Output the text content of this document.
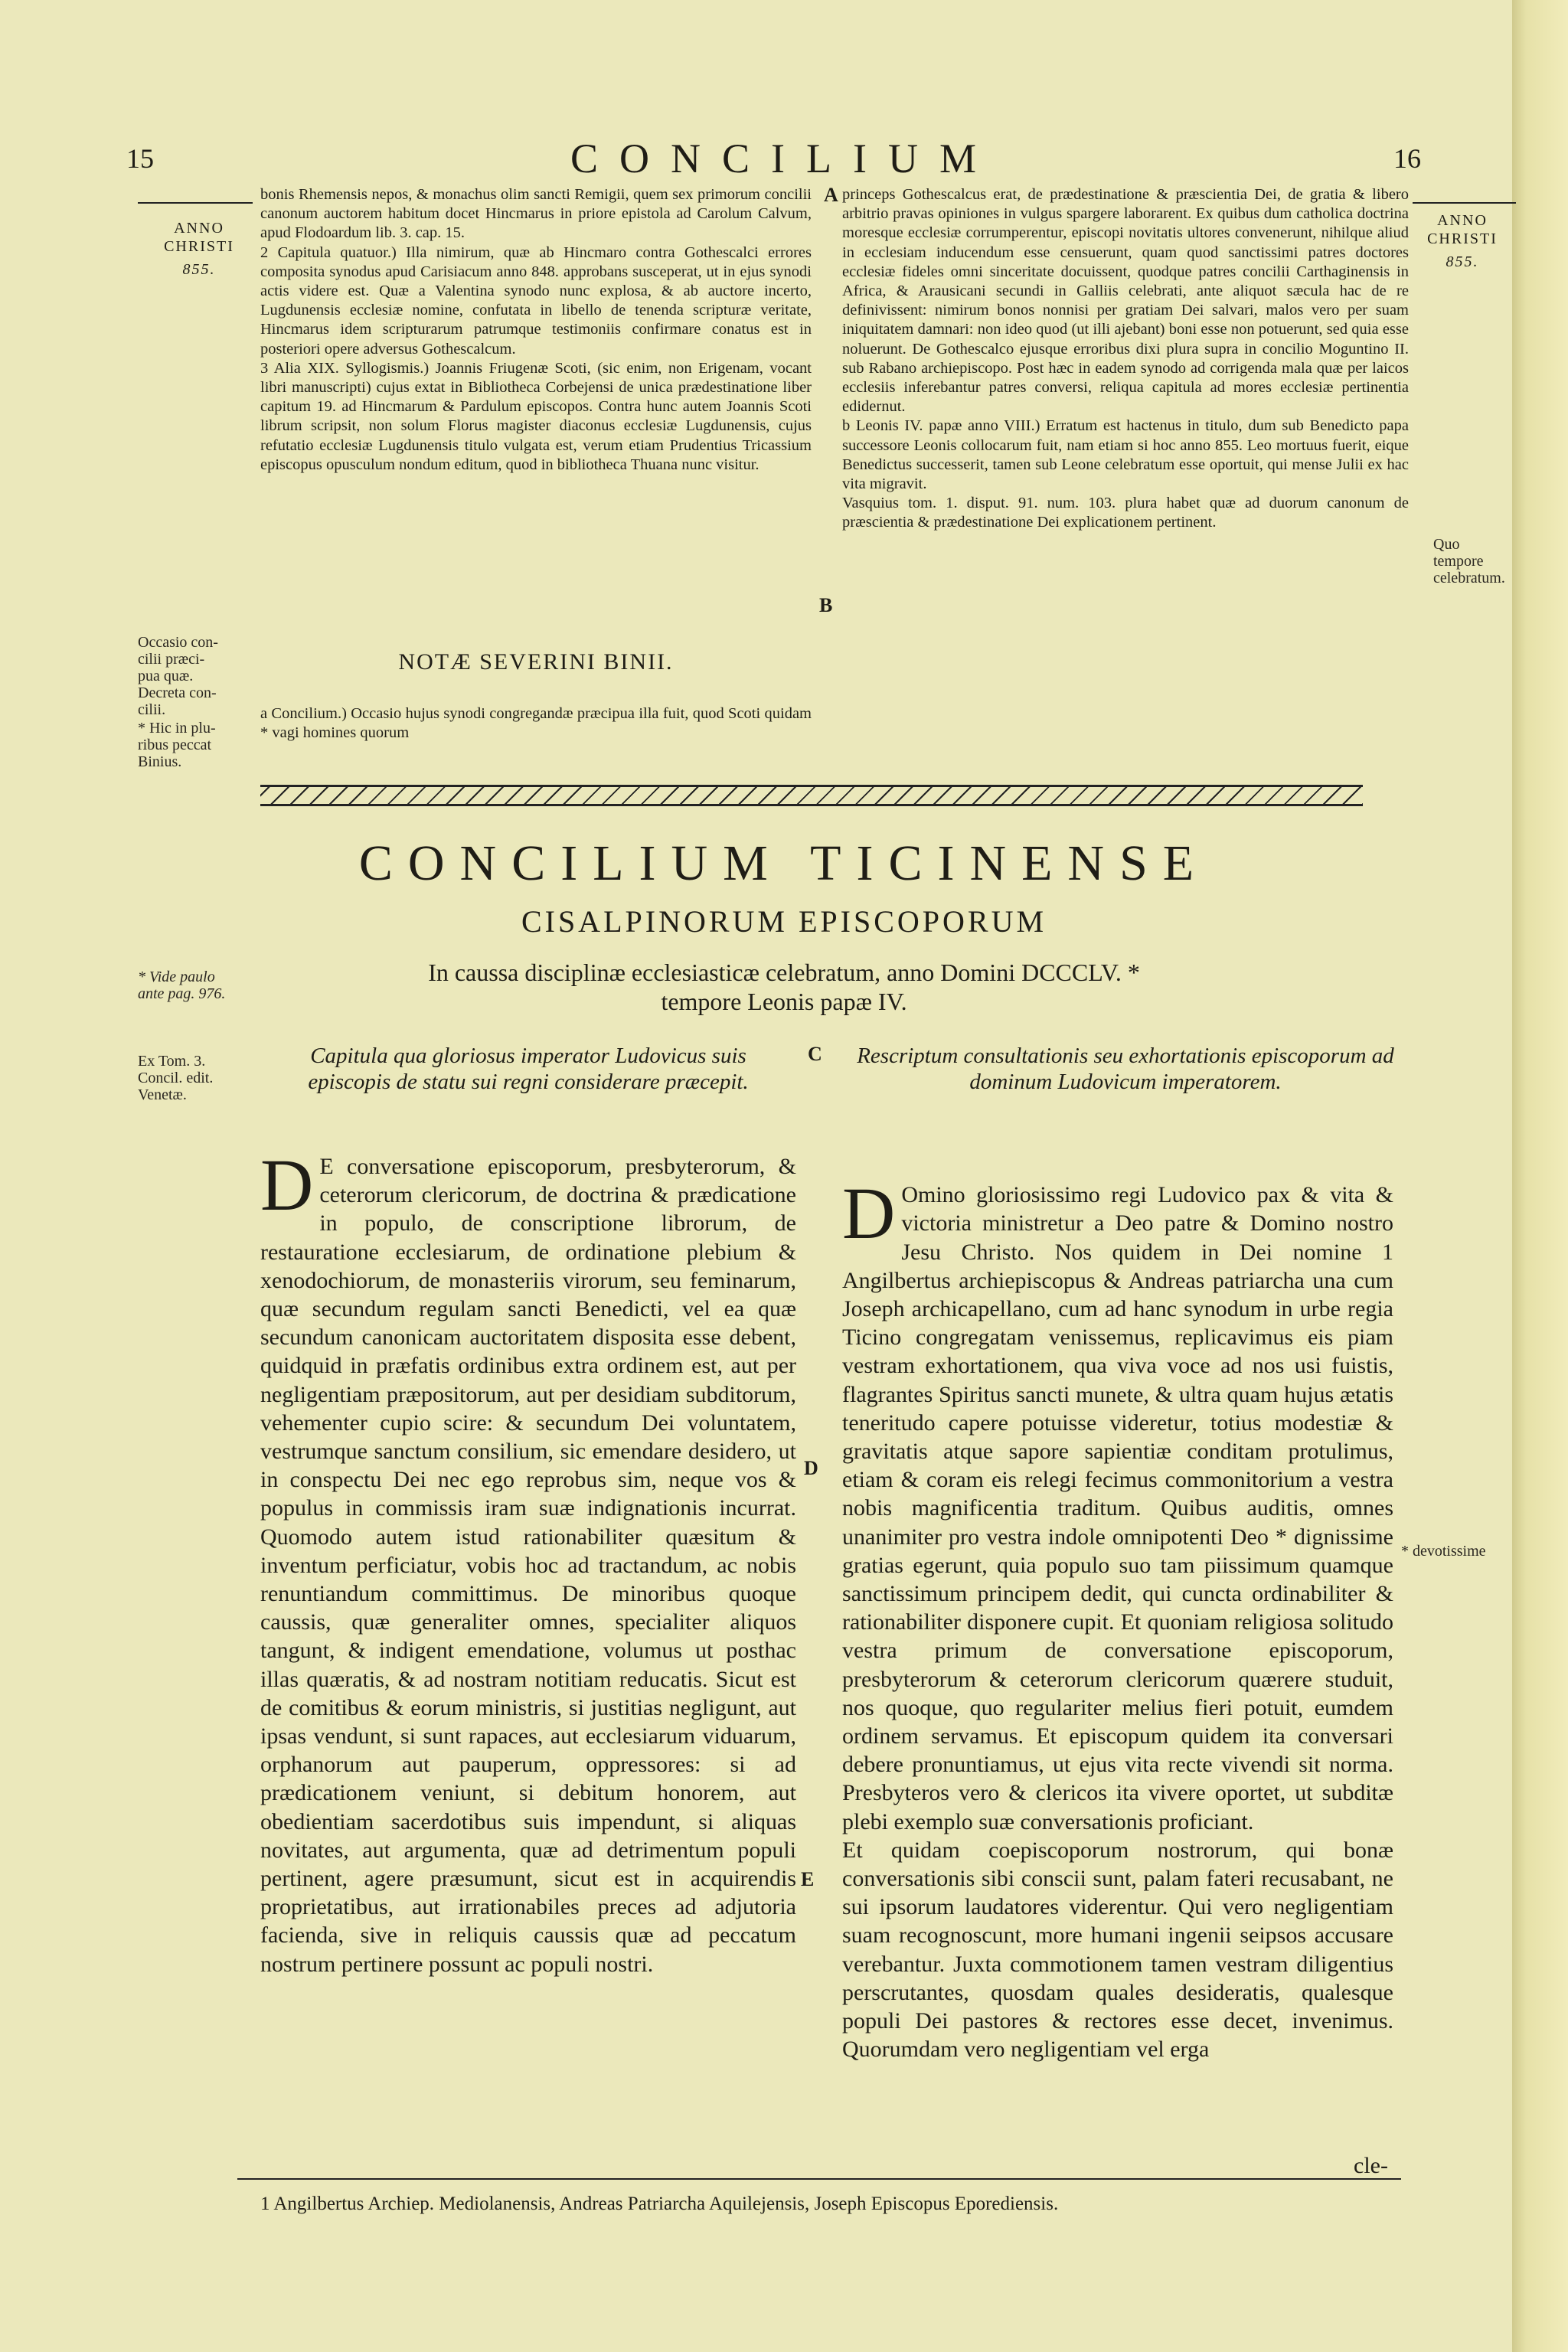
15	16
CONCILIUM
ANNO
CHRISTI
855.
Occasio con- cilii præci- pua quæ. Decreta con- cilii.
* Hic in plu- ribus peccat Binius.
* Vide paulo ante pag. 976.
Ex Tom. 3. Concil. edit. Venetæ.
ANNO
CHRISTI
855.
Quo tempore celebratum.
* devotissime
A
B
C
D
E
bonis Rhemensis nepos, & monachus olim sancti Remigii, quem sex primorum concilii canonum auctorem habitum docet Hincmarus in priore epistola ad Carolum Calvum, apud Flodoardum lib. 3. cap. 15.
2 Capitula quatuor.) Illa nimirum, quæ ab Hincmaro contra Gothescalci errores composita synodus apud Carisiacum anno 848. approbans susceperat, ut in ejus synodi actis videre est. Quæ a Valentina synodo nunc explosa, & ab auctore incerto, Lugdunensis ecclesiæ nomine, confutata in libello de tenenda scripturæ veritate, Hincmarus idem scripturarum patrumque testimoniis confirmare conatus est in posteriori opere adversus Gothescalcum.
3 Alia XIX. Syllogismis.) Joannis Friugenæ Scoti, (sic enim, non Erigenam, vocant libri manuscripti) cujus extat in Bibliotheca Corbejensi de unica prædestinatione liber capitum 19. ad Hincmarum & Pardulum episcopos. Contra hunc autem Joannis Scoti librum scripsit, non solum Florus magister diaconus ecclesiæ Lugdunensis, cujus refutatio ecclesiæ Lugdunensis titulo vulgata est, verum etiam Prudentius Tricassium episcopus opusculum nondum editum, quod in bibliotheca Thuana nunc visitur.
NOTÆ SEVERINI BINII.
a Concilium.) Occasio hujus synodi congregandæ præcipua illa fuit, quod Scoti quidam * vagi homines quorum
princeps Gothescalcus erat, de prædestinatione & præscientia Dei, de gratia & libero arbitrio pravas opiniones in vulgus spargere laborarent. Ex quibus dum catholica doctrina moresque ecclesiæ corrumperentur, episcopi novitatis ultores convenerunt, nihilque aliud in ecclesiam inducendum esse censuerunt, quam quod sanctissimi patres doctores ecclesiæ fideles omni sinceritate docuissent, quodque patres concilii Carthaginensis in Africa, & Arausicani secundi in Galliis celebrati, ante aliquot sæcula hac de re definivissent: nimirum bonos nonnisi per gratiam Dei salvari, malos vero per suam iniquitatem damnari: non ideo quod (ut illi ajebant) boni esse non potuerunt, sed quia esse noluerunt. De Gothescalco ejusque erroribus dixi plura supra in concilio Moguntino II. sub Rabano archiepiscopo. Post hæc in eadem synodo ad corrigenda mala quæ per laicos ecclesiis inferebantur patres conversi, reliqua capitula ad mores ecclesiæ pertinentia edidernut.
b Leonis IV. papæ anno VIII.) Erratum est hactenus in titulo, dum sub Benedicto papa successore Leonis collocarum fuit, nam etiam si hoc anno 855. Leo mortuus fuerit, eique Benedictus successerit, tamen sub Leone celebratum esse oportuit, qui mense Julii ex hac vita migravit.
Vasquius tom. 1. disput. 91. num. 103. plura habet quæ ad duorum canonum de præscientia & prædestinatione Dei explicationem pertinent.
CONCILIUM TICINENSE
CISALPINORUM EPISCOPORUM
In caussa disciplinæ ecclesiasticæ celebratum, anno Domini DCCCLV. *
tempore Leonis papæ IV.
Capitula qua gloriosus imperator Ludovicus suis episcopis de statu sui regni considerare præcepit.
Rescriptum consultationis seu exhortationis episcoporum ad dominum Ludovicum imperatorem.
D E conversatione episcoporum, presbyterorum, & ceterorum clericorum, de doctrina & prædicatione in populo, de conscriptione librorum, de restauratione ecclesiarum, de ordinatione plebium & xenodochiorum, de monasteriis virorum, seu feminarum, quæ secundum regulam sancti Benedicti, vel ea quæ secundum canonicam auctoritatem disposita esse debent, quidquid in præfatis ordinibus extra ordinem est, aut per negligentiam præpositorum, aut per desidiam subditorum, vehementer cupio scire: & secundum Dei voluntatem, vestrumque sanctum consilium, sic emendare desidero, ut in conspectu Dei nec ego reprobus sim, neque vos & populus in commissis iram suæ indignationis incurrat. Quomodo autem istud rationabiliter quæsitum & inventum perficiatur, vobis hoc ad tractandum, ac nobis renuntiandum committimus. De minoribus quoque caussis, quæ generaliter omnes, specialiter aliquos tangunt, & indigent emendatione, volumus ut posthac illas quæratis, & ad nostram notitiam reducatis. Sicut est de comitibus & eorum ministris, si justitias negligunt, aut ipsas vendunt, si sunt rapaces, aut ecclesiarum viduarum, orphanorum aut pauperum, oppressores: si ad prædicationem veniunt, si debitum honorem, aut obedientiam sacerdotibus suis impendunt, si aliquas novitates, aut argumenta, quæ ad detrimentum populi pertinent, agere præsumunt, sicut est in acquirendis proprietatibus, aut irrationabiles preces ad adjutoria facienda, sive in reliquis caussis quæ ad peccatum nostrum pertinere possunt ac populi nostri.

D Omino gloriosissimo regi Ludovico pax & vita & victoria ministretur a Deo patre & Domino nostro Jesu Christo. Nos quidem in Dei nomine 1 Angilbertus archiepiscopus & Andreas patriarcha una cum Joseph archicapellano, cum ad hanc synodum in urbe regia Ticino congregatam venissemus, replicavimus eis piam vestram exhortationem, qua viva voce ad nos usi fuistis, flagrantes Spiritus sancti munete, & ultra quam hujus ætatis teneritudo capere potuisse videretur, totius modestiæ & gravitatis atque sapore sapientiæ conditam protulimus, etiam & coram eis relegi fecimus commonitorium a vestra nobis magnificentia traditum. Quibus auditis, omnes unanimiter pro vestra indole omnipotenti Deo * dignissime gratias egerunt, quia populo suo tam piissimum quamque sanctissimum principem dedit, qui cuncta ordinabiliter & rationabiliter disponere cupit. Et quoniam religiosa solitudo vestra primum de conversatione episcoporum, presbyterorum & ceterorum clericorum quærere studuit, nos quoque, quo regulariter melius fieri potuit, eumdem ordinem servamus. Et episcopum quidem ita conversari debere pronuntiamus, ut ejus vita recte vivendi sit norma. Presbyteros vero & clericos ita vivere oportet, ut subditæ plebi exemplo suæ conversationis proficiant.
Et quidam coepiscoporum nostrorum, qui bonæ conversationis sibi conscii sunt, palam fateri recusabant, ne sui ipsorum laudatores viderentur. Qui vero negligentiam suam recognoscunt, more humani ingenii seipsos accusare verebantur. Juxta commotionem tamen vestram diligentius perscrutantes, quosdam quales desideratis, qualesque populi Dei pastores & rectores esse decet, invenimus. Quorumdam vero negligentiam vel erga

cle-
1 Angilbertus Archiep. Mediolanensis, Andreas Patriarcha Aquilejensis, Joseph Episcopus Eporediensis.
